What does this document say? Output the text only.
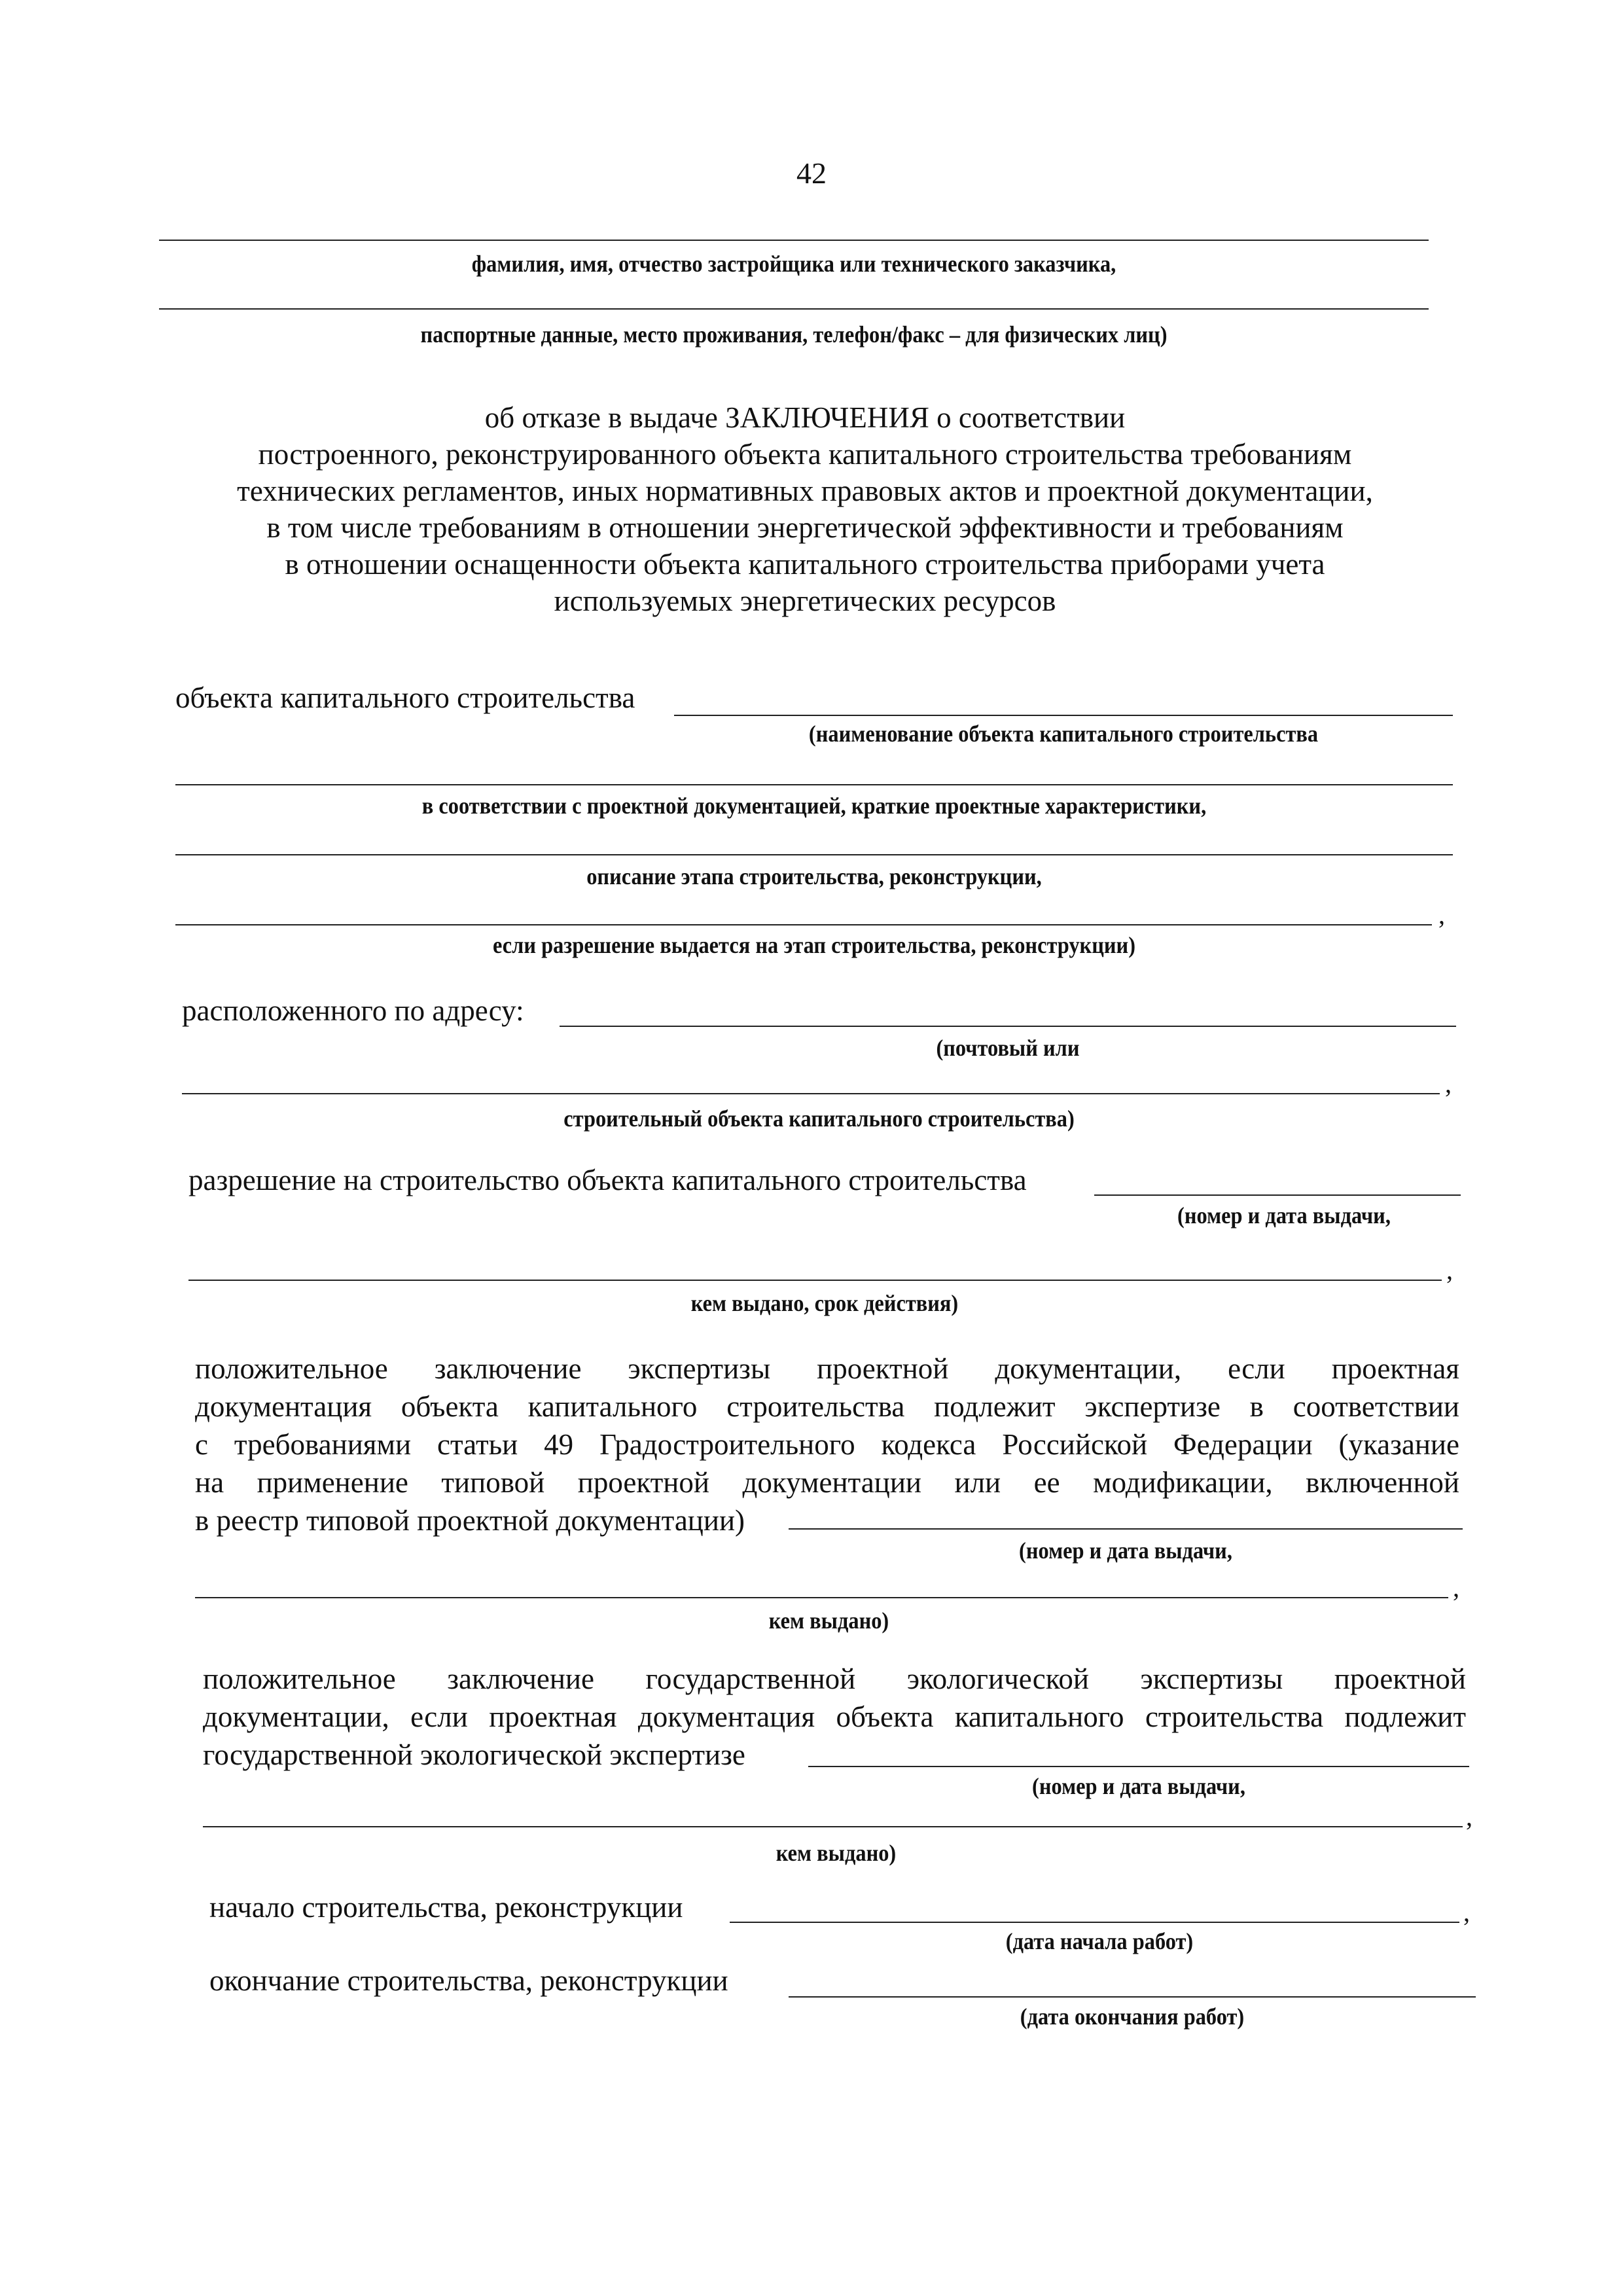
42
фамилия, имя, отчество застройщика или технического заказчика,
паспортные данные, место проживания, телефон/факс – для физических лиц)
об отказе в выдаче ЗАКЛЮЧЕНИЯ о соответствии
построенного, реконструированного объекта капитального строительства требованиям
технических регламентов, иных нормативных правовых актов и проектной документации,
в том числе требованиям в отношении энергетической эффективности и требованиям
в отношении оснащенности объекта капитального строительства приборами учета
используемых энергетических ресурсов
объекта капитального строительства
(наименование объекта капитального строительства
в соответствии с проектной документацией, краткие проектные характеристики,
описание этапа строительства, реконструкции,
,
если разрешение выдается на этап строительства, реконструкции)
расположенного по адресу:
(почтовый или
,
строительный объекта капитального строительства)
разрешение на строительство объекта капитального строительства
(номер и дата выдачи,
,
кем выдано, срок действия)
положительное заключение экспертизы проектной документации, если проектная
документация объекта капитального строительства подлежит экспертизе в соответствии
с требованиями статьи 49 Градостроительного кодекса Российской Федерации (указание
на применение типовой проектной документации или ее модификации, включенной
в реестр типовой проектной документации)
(номер и дата выдачи,
,
кем выдано)
положительное заключение государственной экологической экспертизы проектной
документации, если проектная документация объекта капитального строительства подлежит
государственной экологической экспертизе
(номер и дата выдачи,
,
кем выдано)
начало строительства, реконструкции	,
(дата начала работ)
окончание строительства, реконструкции
(дата окончания работ)
